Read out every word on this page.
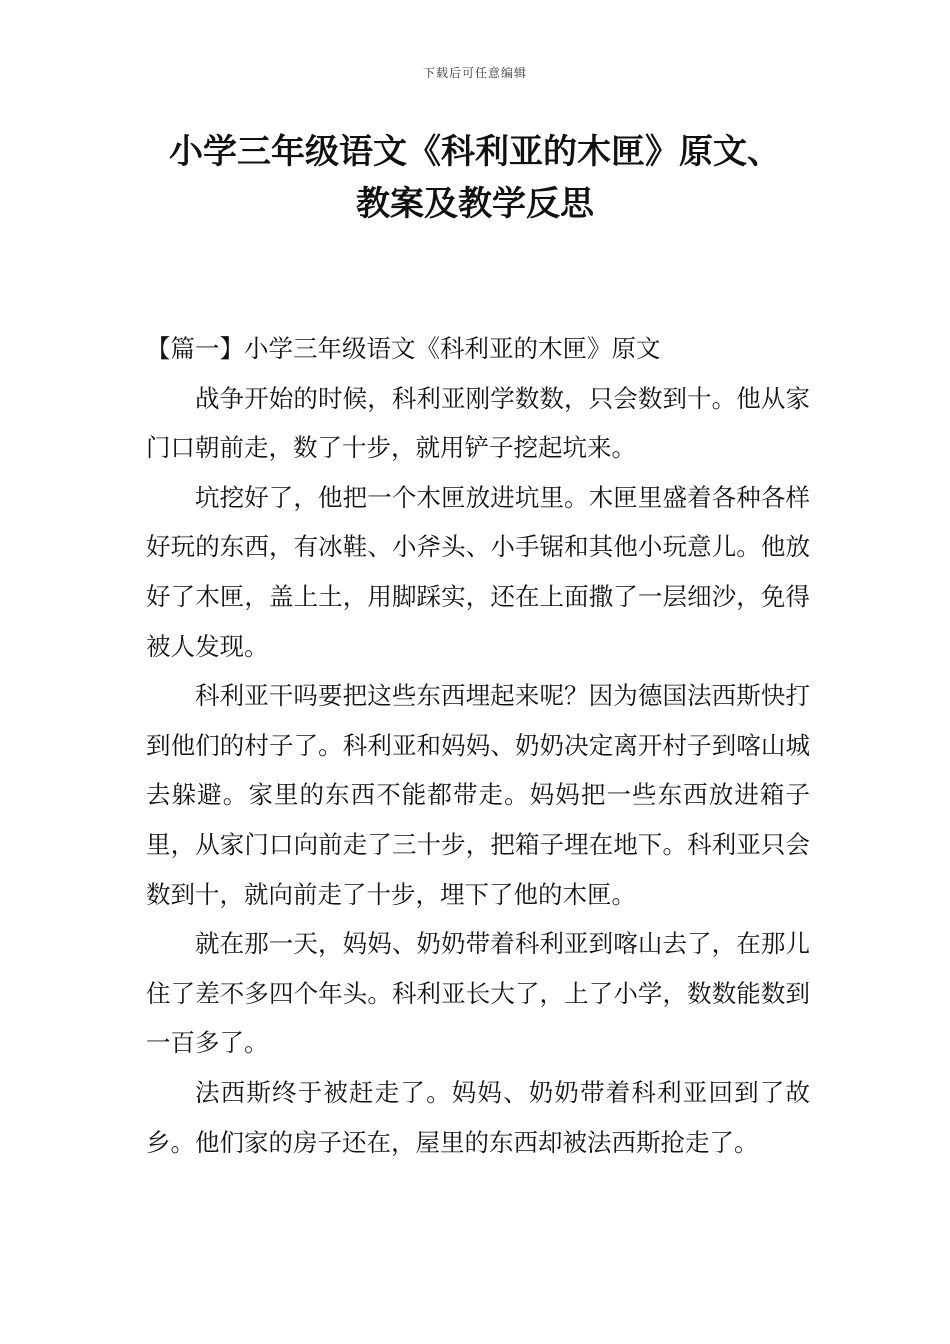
下载后可任意编辑
小学三年级语文《科利亚的木匣》原文、
教案及教学反思
【篇一】小学三年级语文《科利亚的木匣》原文

战争开始的时候，科利亚刚学数数，只会数到十。他从家门口朝前走，数了十步，就用铲子挖起坑来。

坑挖好了，他把一个木匣放进坑里。木匣里盛着各种各样好玩的东西，有冰鞋、小斧头、小手锯和其他小玩意儿。他放好了木匣，盖上土，用脚踩实，还在上面撒了一层细沙，免得被人发现。

科利亚干吗要把这些东西埋起来呢？因为德国法西斯快打到他们的村子了。科利亚和妈妈、奶奶决定离开村子到喀山城去躲避。家里的东西不能都带走。妈妈把一些东西放进箱子里，从家门口向前走了三十步，把箱子埋在地下。科利亚只会数到十，就向前走了十步，埋下了他的木匣。

就在那一天，妈妈、奶奶带着科利亚到喀山去了，在那儿住了差不多四个年头。科利亚长大了，上了小学，数数能数到一百多了。

法西斯终于被赶走了。妈妈、奶奶带着科利亚回到了故乡。他们家的房子还在，屋里的东西却被法西斯抢走了。
